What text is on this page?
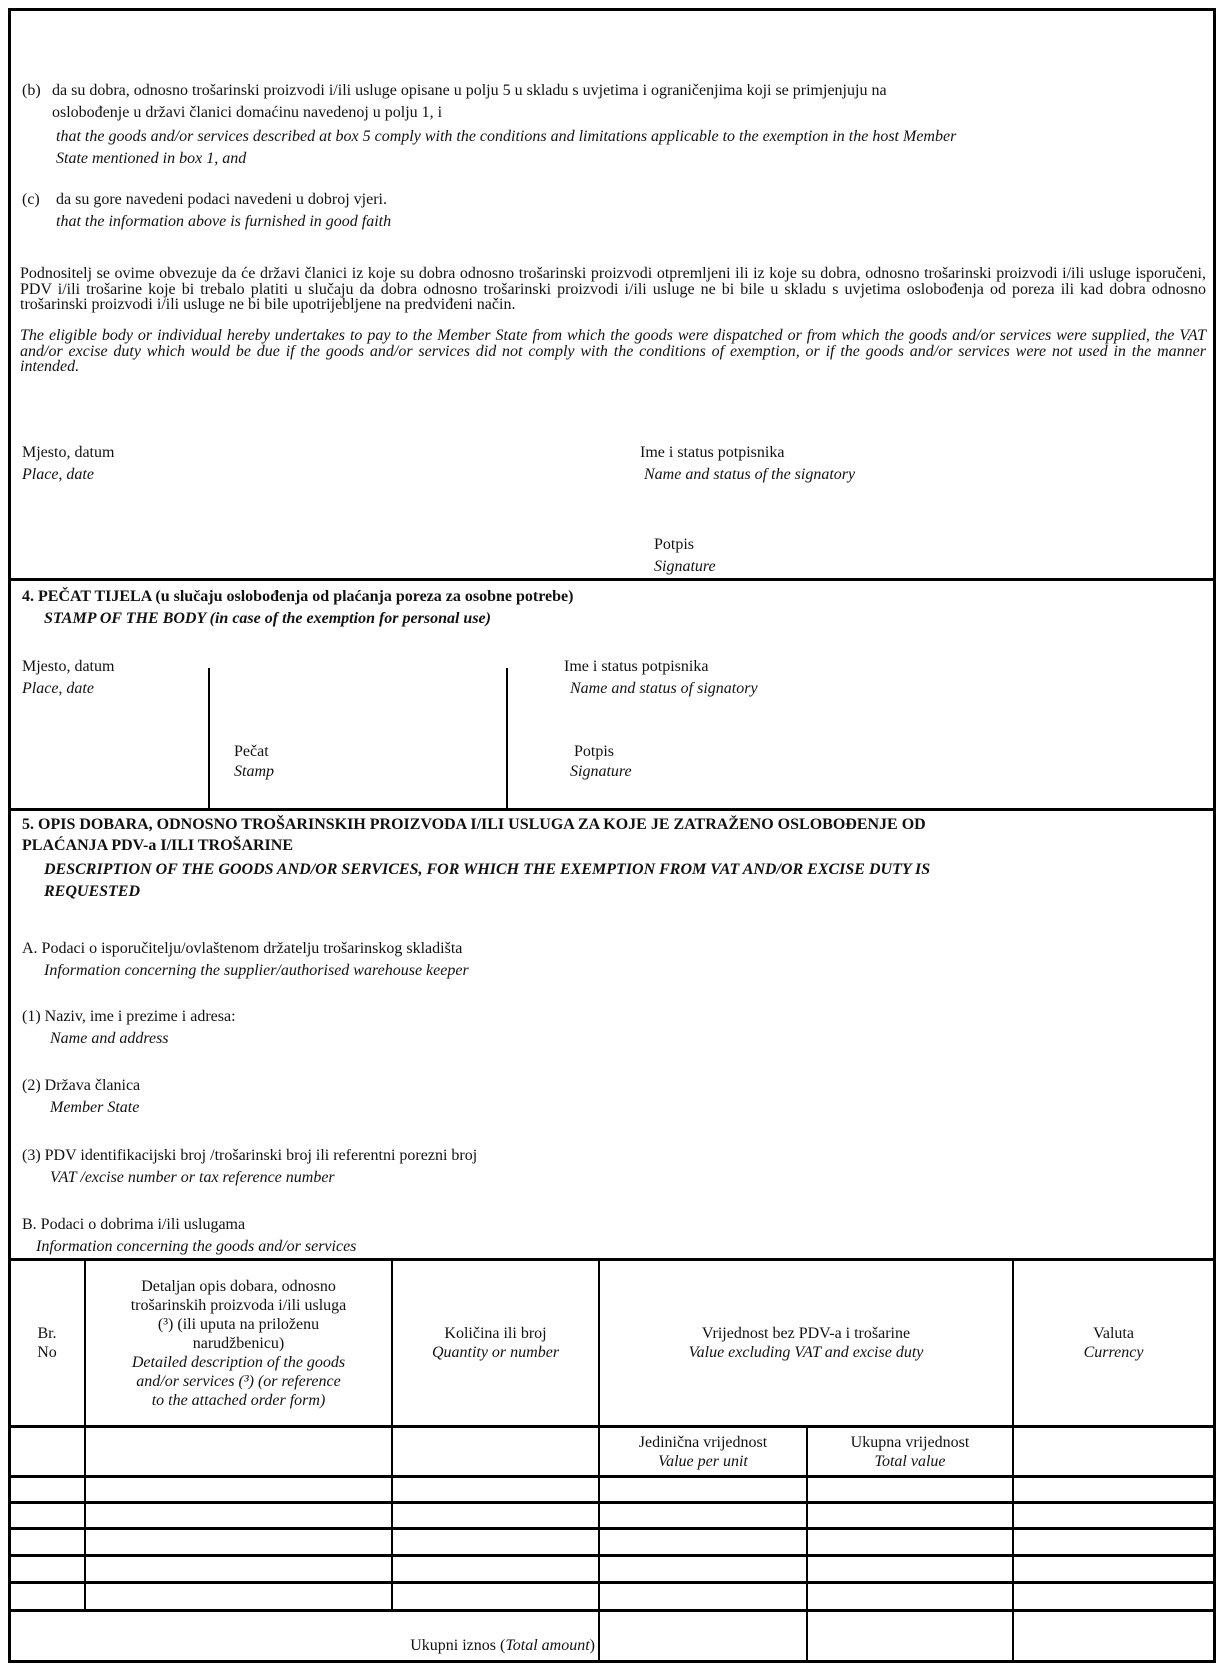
(b) da su dobra, odnosno trošarinski proizvodi i/ili usluge opisane u polju 5 u skladu s uvjetima i ograničenjima koji se primjenjuju na
oslobođenje u državi članici domaćinu navedenoj u polju 1, i
that the goods and/or services described at box 5 comply with the conditions and limitations applicable to the exemption in the host Member
State mentioned in box 1, and
(c) da su gore navedeni podaci navedeni u dobroj vjeri.
that the information above is furnished in good faith
Podnositelj se ovime obvezuje da će državi članici iz koje su dobra odnosno trošarinski proizvodi otpremljeni ili iz koje su dobra, odnosno trošarinski proizvodi i/ili usluge isporučeni, PDV i/ili trošarine koje bi trebalo platiti u slučaju da dobra odnosno trošarinski proizvodi i/ili usluge ne bi bile u skladu s uvjetima oslobođenja od poreza ili kad dobra odnosno trošarinski proizvodi i/ili usluge ne bi bile upotrijebljene na predviđeni način.
The eligible body or individual hereby undertakes to pay to the Member State from which the goods were dispatched or from which the goods and/or services were supplied, the VAT and/or excise duty which would be due if the goods and/or services did not comply with the conditions of exemption, or if the goods and/or services were not used in the manner intended.
Mjesto, datum
Place, date
Ime i status potpisnika
Name and status of the signatory
Potpis
Signature
4. PEČAT TIJELA (u slučaju oslobođenja od plaćanja poreza za osobne potrebe)
STAMP OF THE BODY (in case of the exemption for personal use)
Mjesto, datum
Place, date
Pečat
Stamp
Ime i status potpisnika
Name and status of signatory
Potpis
Signature
5. OPIS DOBARA, ODNOSNO TROŠARINSKIH PROIZVODA I/ILI USLUGA ZA KOJE JE ZATRAŽENO OSLOBOĐENJE OD
PLAĆANJA PDV-a I/ILI TROŠARINE
DESCRIPTION OF THE GOODS AND/OR SERVICES, FOR WHICH THE EXEMPTION FROM VAT AND/OR EXCISE DUTY IS
REQUESTED
A. Podaci o isporučitelju/ovlaštenom držatelju trošarinskog skladišta
Information concerning the supplier/authorised warehouse keeper
(1) Naziv, ime i prezime i adresa:
Name and address
(2) Država članica
Member State
(3) PDV identifikacijski broj /trošarinski broj ili referentni porezni broj
VAT /excise number or tax reference number
B. Podaci o dobrima i/ili uslugama
Information concerning the goods and/or services
Br.
No
Detaljan opis dobara, odnosno
trošarinskih proizvoda i/ili usluga
(³) (ili uputa na priloženu
narudžbenicu)
Detailed description of the goods
and/or services (³) (or reference
to the attached order form)
Količina ili broj
Quantity or number
Vrijednost bez PDV-a i trošarine
Value excluding VAT and excise duty
Valuta
Currency
Jedinična vrijednost
Value per unit
Ukupna vrijednost
Total value
Ukupni iznos (Total amount)
